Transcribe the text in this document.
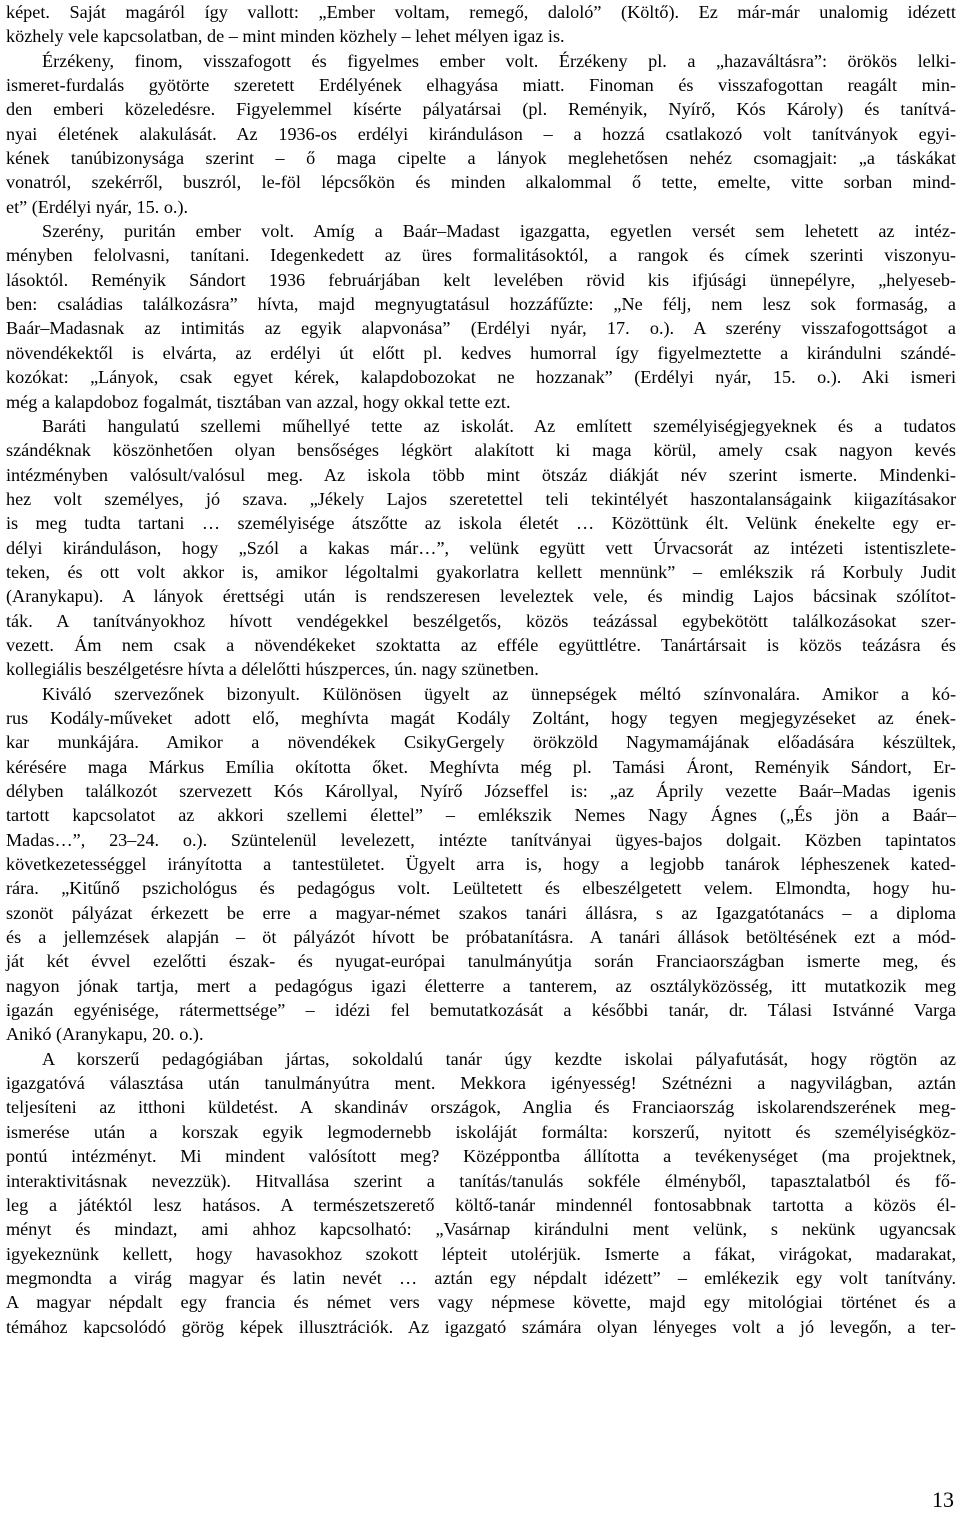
képet. Saját magáról így vallott: „Ember voltam, remegő, daloló” (Költő). Ez már-már unalomig idézett
közhely vele kapcsolatban, de – mint minden közhely – lehet mélyen igaz is.
Érzékeny, finom, visszafogott és figyelmes ember volt. Érzékeny pl. a „hazaváltásra”: örökös lelki-
ismeret-furdalás gyötörte szeretett Erdélyének elhagyása miatt. Finoman és visszafogottan reagált min-
den emberi közeledésre. Figyelemmel kísérte pályatársai (pl. Reményik, Nyírő, Kós Károly) és tanítvá-
nyai életének alakulását. Az 1936-os erdélyi kiránduláson – a hozzá csatlakozó volt tanítványok egyi-
kének tanúbizonysága szerint – ő maga cipelte a lányok meglehetősen nehéz csomagjait: „a táskákat
vonatról, szekérről, buszról, le-föl lépcsőkön és minden alkalommal ő tette, emelte, vitte sorban mind-
et” (Erdélyi nyár, 15. o.).
Szerény, puritán ember volt. Amíg a Baár–Madast igazgatta, egyetlen versét sem lehetett az intéz-
ményben felolvasni, tanítani. Idegenkedett az üres formalitásoktól, a rangok és címek szerinti viszonyu-
lásoktól. Reményik Sándort 1936 februárjában kelt levelében rövid kis ifjúsági ünnepélyre, „helyeseb-
ben: családias találkozásra” hívta, majd megnyugtatásul hozzáfűzte: „Ne félj, nem lesz sok formaság, a
Baár–Madasnak az intimitás az egyik alapvonása” (Erdélyi nyár, 17. o.). A szerény visszafogottságot a
növendékektől is elvárta, az erdélyi út előtt pl. kedves humorral így figyelmeztette a kirándulni szándé-
kozókat: „Lányok, csak egyet kérek, kalapdobozokat ne hozzanak” (Erdélyi nyár, 15. o.). Aki ismeri
még a kalapdoboz fogalmát, tisztában van azzal, hogy okkal tette ezt.
Baráti hangulatú szellemi műhellyé tette az iskolát. Az említett személyiségjegyeknek és a tudatos
szándéknak köszönhetően olyan bensőséges légkört alakított ki maga körül, amely csak nagyon kevés
intézményben valósult/valósul meg. Az iskola több mint ötszáz diákját név szerint ismerte. Mindenki-
hez volt személyes, jó szava. „Jékely Lajos szeretettel teli tekintélyét haszontalanságaink kiigazításakor
is meg tudta tartani … személyisége átszőtte az iskola életét … Közöttünk élt. Velünk énekelte egy er-
délyi kiránduláson, hogy „Szól a kakas már…”, velünk együtt vett Úrvacsorát az intézeti istentiszlete-
teken, és ott volt akkor is, amikor légoltalmi gyakorlatra kellett mennünk” – emlékszik rá Korbuly Judit
(Aranykapu). A lányok érettségi után is rendszeresen leveleztek vele, és mindig Lajos bácsinak szólítot-
ták. A tanítványokhoz hívott vendégekkel beszélgetős, közös teázással egybekötött találkozásokat szer-
vezett. Ám nem csak a növendékeket szoktatta az efféle együttlétre. Tanártársait is közös teázásra és
kollegiális beszélgetésre hívta a délelőtti húszperces, ún. nagy szünetben.
Kiváló szervezőnek bizonyult. Különösen ügyelt az ünnepségek méltó színvonalára. Amikor a kó-
rus Kodály-műveket adott elő, meghívta magát Kodály Zoltánt, hogy tegyen megjegyzéseket az ének-
kar munkájára. Amikor a növendékek CsikyGergely örökzöld Nagymamájának előadására készültek,
kérésére maga Márkus Emília okította őket. Meghívta még pl. Tamási Áront, Reményik Sándort, Er-
délyben találkozót szervezett Kós Károllyal, Nyírő Józseffel is: „az Áprily vezette Baár–Madas igenis
tartott kapcsolatot az akkori szellemi élettel” – emlékszik Nemes Nagy Ágnes („És jön a Baár–
Madas…”, 23–24. o.). Szüntelenül levelezett, intézte tanítványai ügyes-bajos dolgait. Közben tapintatos
következetességgel irányította a tantestületet. Ügyelt arra is, hogy a legjobb tanárok lépheszenek kated-
rára. „Kitűnő pszichológus és pedagógus volt. Leültetett és elbeszélgetett velem. Elmondta, hogy hu-
szonöt pályázat érkezett be erre a magyar-német szakos tanári állásra, s az Igazgatótanács – a diploma
és a jellemzések alapján – öt pályázót hívott be próbatanításra. A tanári állások betöltésének ezt a mód-
ját két évvel ezelőtti észak- és nyugat-európai tanulmányútja során Franciaországban ismerte meg, és
nagyon jónak tartja, mert a pedagógus igazi életterre a tanterem, az osztályközösség, itt mutatkozik meg
igazán egyénisége, rátermettsége” – idézi fel bemutatkozását a későbbi tanár, dr. Tálasi Istvánné Varga
Anikó (Aranykapu, 20. o.).
A korszerű pedagógiában jártas, sokoldalú tanár úgy kezdte iskolai pályafutását, hogy rögtön az
igazgatóvá választása után tanulmányútra ment. Mekkora igényesség! Szétnézni a nagyvilágban, aztán
teljesíteni az itthoni küldetést. A skandináv országok, Anglia és Franciaország iskolarendszerének meg-
ismerése után a korszak egyik legmodernebb iskoláját formálta: korszerű, nyitott és személyiségköz-
pontú intézményt. Mi mindent valósított meg? Középpontba állította a tevékenységet (ma projektnek,
interaktivitásnak nevezzük). Hitvallása szerint a tanítás/tanulás sokféle élményből, tapasztalatból és fő-
leg a játéktól lesz hatásos. A természetszerető költő-tanár mindennél fontosabbnak tartotta a közös él-
ményt és mindazt, ami ahhoz kapcsolható: „Vasárnap kirándulni ment velünk, s nekünk ugyancsak
igyekeznünk kellett, hogy havasokhoz szokott lépteit utolérjük. Ismerte a fákat, virágokat, madarakat,
megmondta a virág magyar és latin nevét … aztán egy népdalt idézett” – emlékezik egy volt tanítvány.
A magyar népdalt egy francia és német vers vagy népmese követte, majd egy mitológiai történet és a
témához kapcsolódó görög képek illusztrációk. Az igazgató számára olyan lényeges volt a jó levegőn, a ter-
13
